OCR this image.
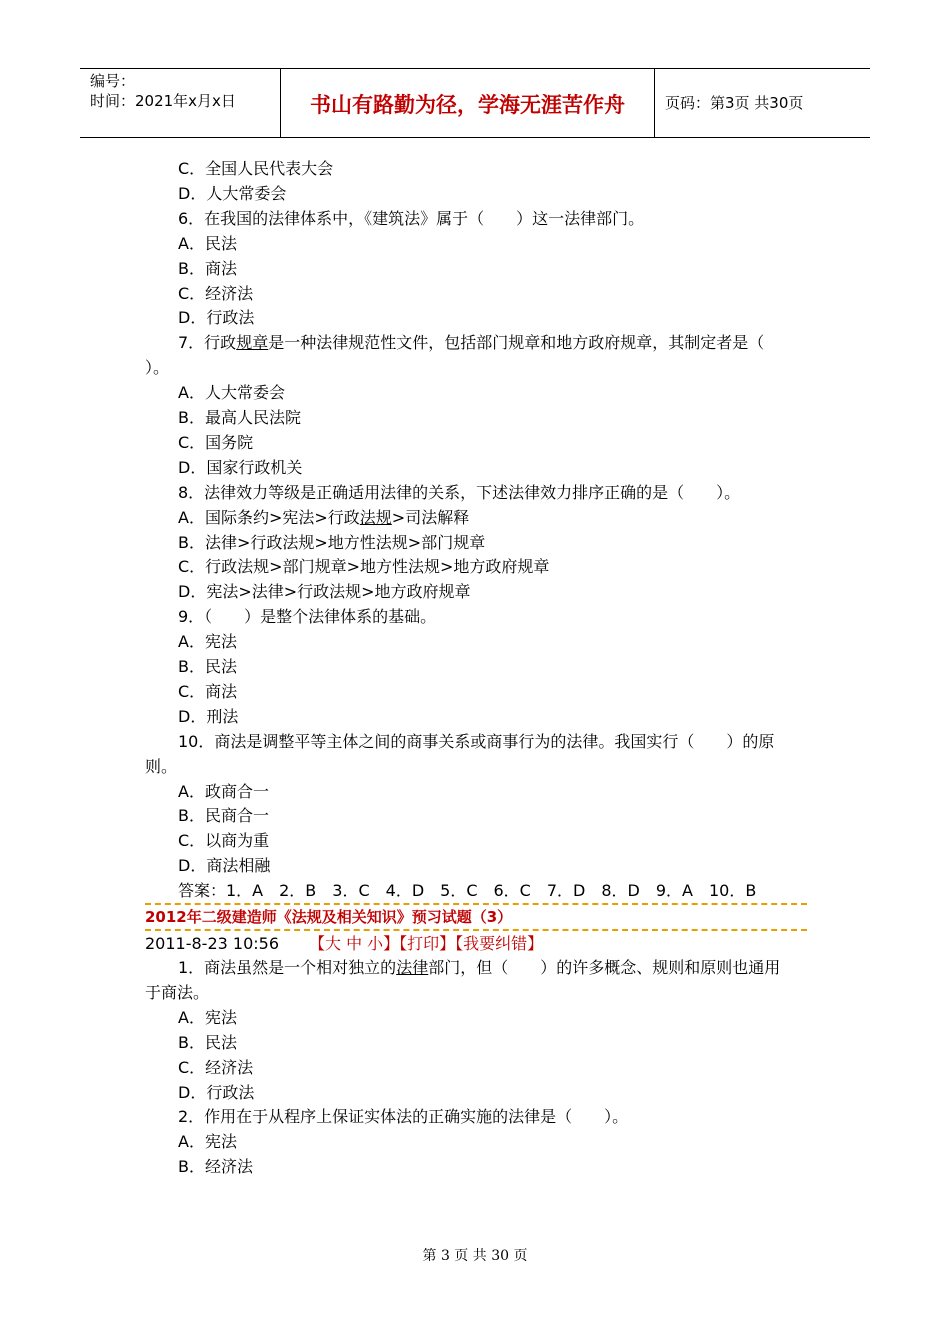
编号：
时间：2021年x月x日	书山有路勤为径，学海无涯苦作舟	页码：第3页 共30页
C．全国人民代表大会
D．人大常委会
6．在我国的法律体系中，《建筑法》属于（　　）这一法律部门。
A．民法
B．商法
C．经济法
D．行政法
7．行政规章是一种法律规范性文件，包括部门规章和地方政府规章，其制定者是（
）。
A．人大常委会
B．最高人民法院
C．国务院
D．国家行政机关
8．法律效力等级是正确适用法律的关系，下述法律效力排序正确的是（　　）。
A．国际条约>宪法>行政法规>司法解释
B．法律>行政法规>地方性法规>部门规章
C．行政法规>部门规章>地方性法规>地方政府规章
D．宪法>法律>行政法规>地方政府规章
9．（　　）是整个法律体系的基础。
A．宪法
B．民法
C．商法
D．刑法
10．商法是调整平等主体之间的商事关系或商事行为的法律。我国实行（　　）的原
则。
A．政商合一
B．民商合一
C．以商为重
D．商法相融
答案：1．A　2．B　3．C　4．D　5．C　6．C　7．D　8．D　9．A　10．B
2012年二级建造师《法规及相关知识》预习试题（3）
2011-8-23 10:56 【大 中 小】【打印】【我要纠错】
1．商法虽然是一个相对独立的法律部门，但（　　）的许多概念、规则和原则也通用
于商法。
A．宪法
B．民法
C．经济法
D．行政法
2．作用在于从程序上保证实体法的正确实施的法律是（　　）。
A．宪法
B．经济法
第 3 页 共 30 页
